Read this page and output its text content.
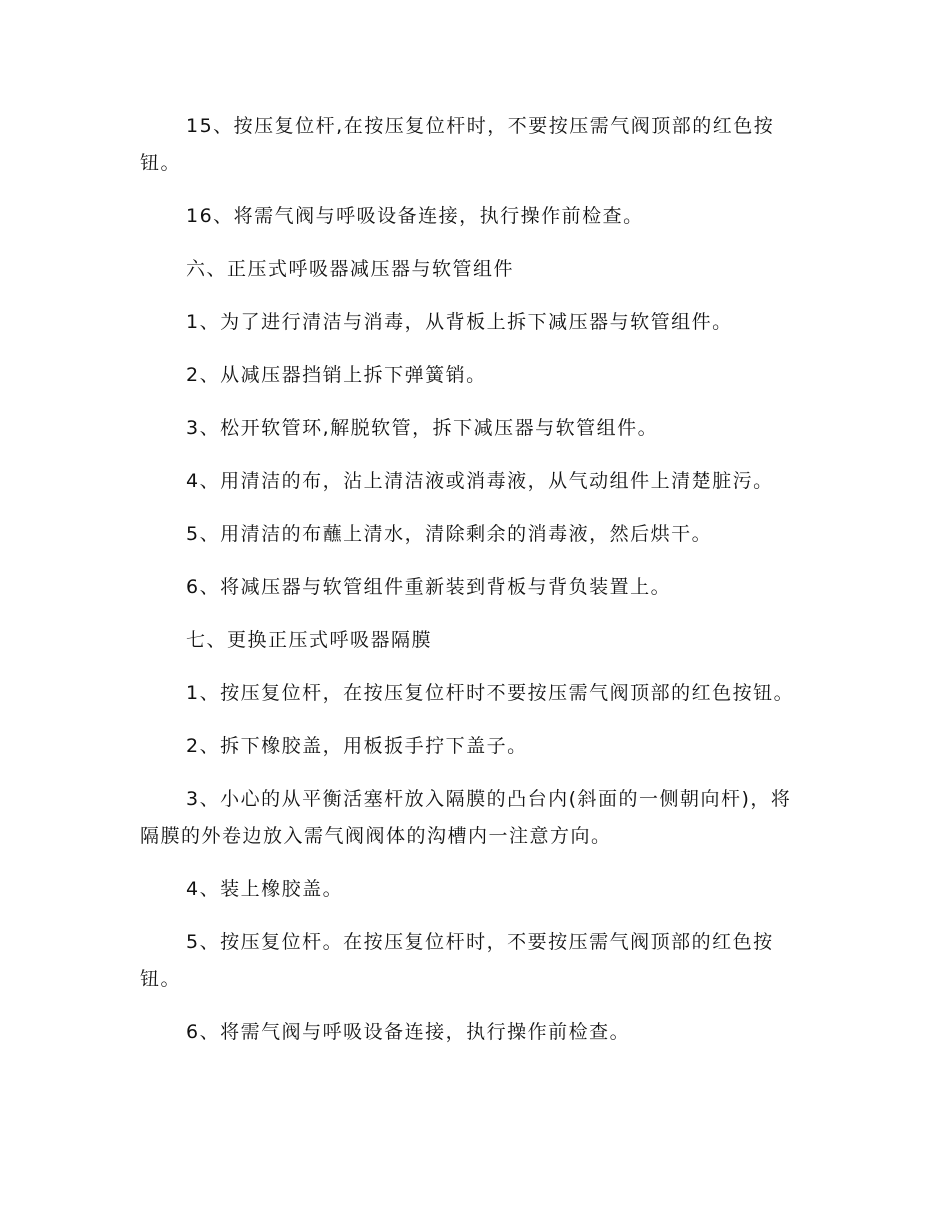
15、按压复位杆,在按压复位杆时，不要按压需气阀顶部的红色按钮。

16、将需气阀与呼吸设备连接，执行操作前检查。

六、正压式呼吸器减压器与软管组件

1、为了进行清洁与消毒，从背板上拆下减压器与软管组件。

2、从减压器挡销上拆下弹簧销。

3、松开软管环,解脱软管，拆下减压器与软管组件。

4、用清洁的布，沾上清洁液或消毒液，从气动组件上清楚脏污。

5、用清洁的布蘸上清水，清除剩余的消毒液，然后烘干。

6、将减压器与软管组件重新装到背板与背负装置上。

七、更换正压式呼吸器隔膜

1、按压复位杆，在按压复位杆时不要按压需气阀顶部的红色按钮。

2、拆下橡胶盖，用板扳手拧下盖子。

3、小心的从平衡活塞杆放入隔膜的凸台内(斜面的一侧朝向杆)，将隔膜的外卷边放入需气阀阀体的沟槽内一注意方向。

4、装上橡胶盖。

5、按压复位杆。在按压复位杆时，不要按压需气阀顶部的红色按钮。

6、将需气阀与呼吸设备连接，执行操作前检查。
